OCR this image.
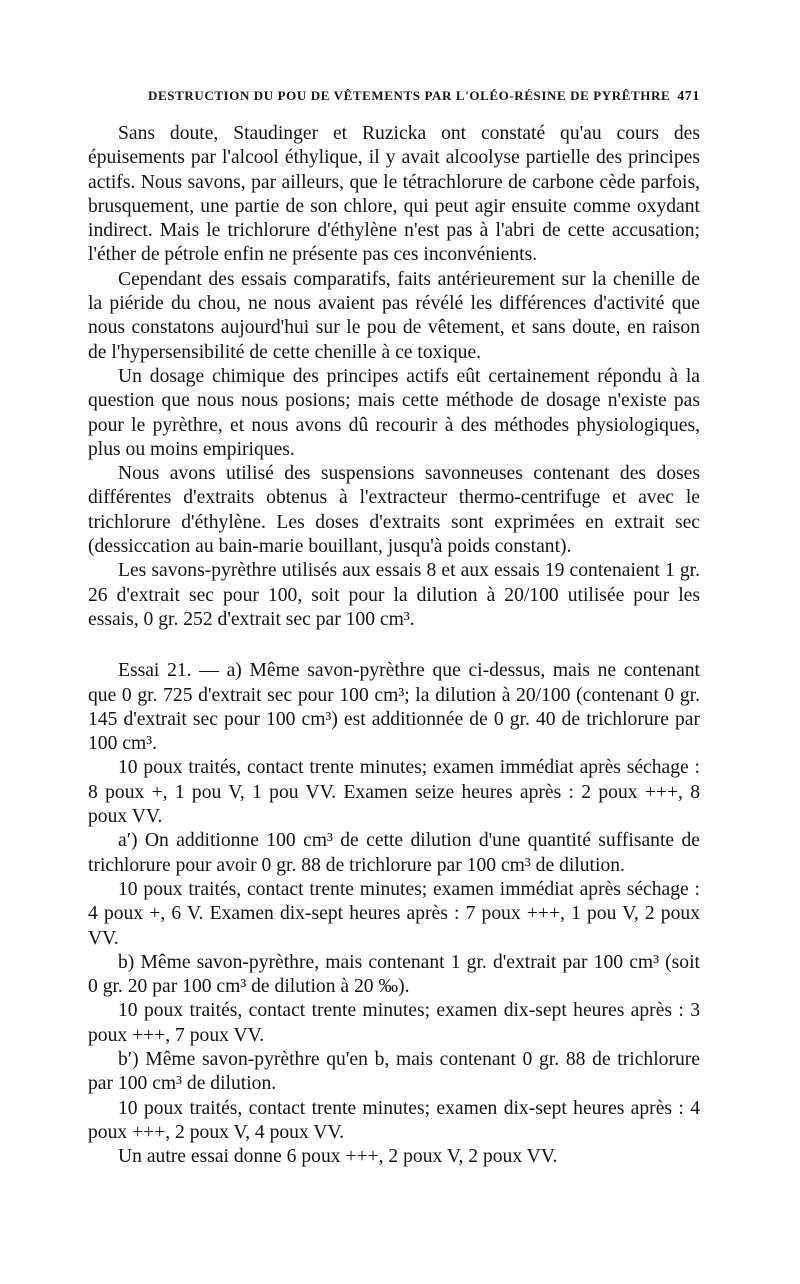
DESTRUCTION DU POU DE VÊTEMENTS PAR L'OLÉO-RÉSINE DE PYRÊTHRE 471

Sans doute, Staudinger et Ruzicka ont constaté qu'au cours des épuisements par l'alcool éthylique, il y avait alcoolyse partielle des principes actifs. Nous savons, par ailleurs, que le tétrachlorure de carbone cède parfois, brusquement, une partie de son chlore, qui peut agir ensuite comme oxydant indirect. Mais le trichlorure d'éthylène n'est pas à l'abri de cette accusation; l'éther de pétrole enfin ne présente pas ces inconvénients.

Cependant des essais comparatifs, faits antérieurement sur la chenille de la piéride du chou, ne nous avaient pas révélé les différences d'activité que nous constatons aujourd'hui sur le pou de vêtement, et sans doute, en raison de l'hypersensibilité de cette chenille à ce toxique.

Un dosage chimique des principes actifs eût certainement répondu à la question que nous nous posions; mais cette méthode de dosage n'existe pas pour le pyrèthre, et nous avons dû recourir à des méthodes physiologiques, plus ou moins empiriques.

Nous avons utilisé des suspensions savonneuses contenant des doses différentes d'extraits obtenus à l'extracteur thermo-centrifuge et avec le trichlorure d'éthylène. Les doses d'extraits sont exprimées en extrait sec (dessiccation au bain-marie bouillant, jusqu'à poids constant).

Les savons-pyrèthre utilisés aux essais 8 et aux essais 19 contenaient 1 gr. 26 d'extrait sec pour 100, soit pour la dilution à 20/100 utilisée pour les essais, 0 gr. 252 d'extrait sec par 100 cm³.

Essai 21. — a) Même savon-pyrèthre que ci-dessus, mais ne contenant que 0 gr. 725 d'extrait sec pour 100 cm³; la dilution à 20/100 (contenant 0 gr. 145 d'extrait sec pour 100 cm³) est additionnée de 0 gr. 40 de trichlorure par 100 cm³.

10 poux traités, contact trente minutes; examen immédiat après séchage : 8 poux +, 1 pou V, 1 pou VV. Examen seize heures après : 2 poux +++, 8 poux VV.

a′) On additionne 100 cm³ de cette dilution d'une quantité suffisante de trichlorure pour avoir 0 gr. 88 de trichlorure par 100 cm³ de dilution.

10 poux traités, contact trente minutes; examen immédiat après séchage : 4 poux +, 6 V. Examen dix-sept heures après : 7 poux +++, 1 pou V, 2 poux VV.

b) Même savon-pyrèthre, mais contenant 1 gr. d'extrait par 100 cm³ (soit 0 gr. 20 par 100 cm³ de dilution à 20 ‰).

10 poux traités, contact trente minutes; examen dix-sept heures après : 3 poux +++, 7 poux VV.

b′) Même savon-pyrèthre qu'en b, mais contenant 0 gr. 88 de trichlorure par 100 cm³ de dilution.

10 poux traités, contact trente minutes; examen dix-sept heures après : 4 poux +++, 2 poux V, 4 poux VV.

Un autre essai donne 6 poux +++, 2 poux V, 2 poux VV.
